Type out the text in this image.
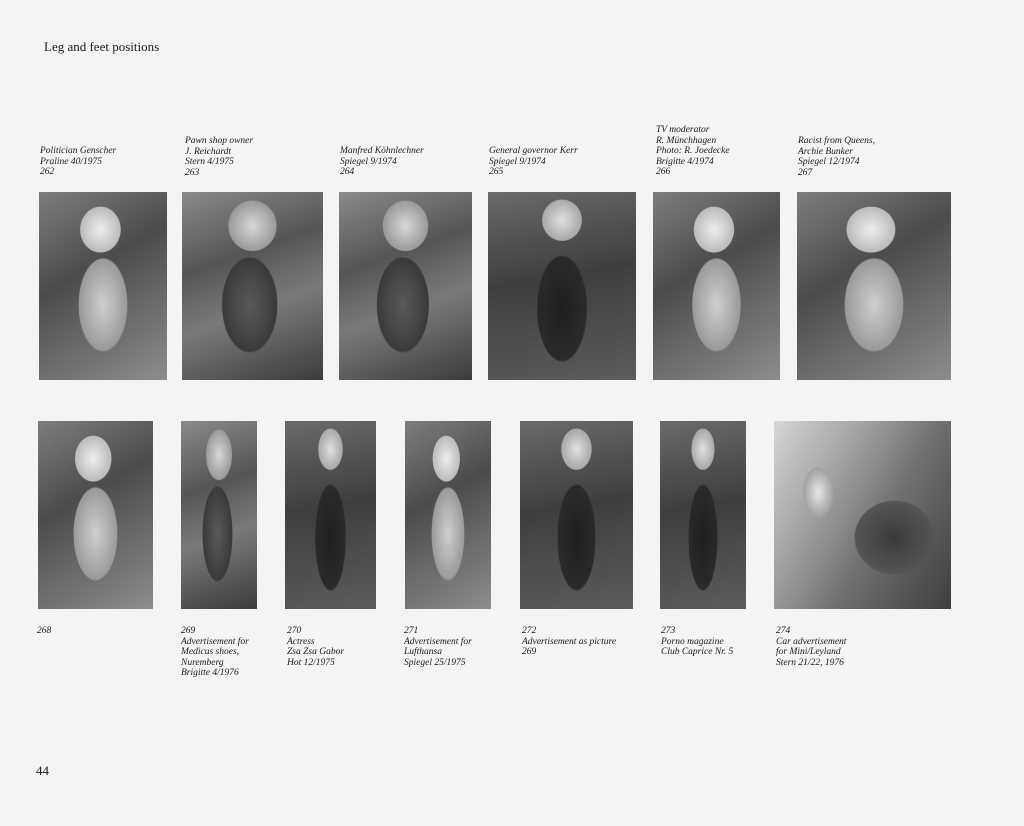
Leg and feet positions
Politician Genscher
Praline 40/1975
262
Pawn shop owner
J. Reichardt
Stern 4/1975
263
Manfred Köhnlechner
Spiegel 9/1974
264
General governor Kerr
Spiegel 9/1974
265
TV moderator
R. Münchhagen
Photo: R. Joedecke
Brigitte 4/1974
266
Racist from Queens,
Archie Bunker
Spiegel 12/1974
267
268	269
Advertisement for
Medicus shoes,
Nuremberg
Brigitte 4/1976
270
Actress
Zsa Zsa Gabor
Hot 12/1975
271
Advertisement for
Lufthansa
Spiegel 25/1975
272
Advertisement as picture
269
273
Porno magazine
Club Caprice Nr. 5
274
Car advertisement
for Mini/Leyland
Stern 21/22, 1976
44
